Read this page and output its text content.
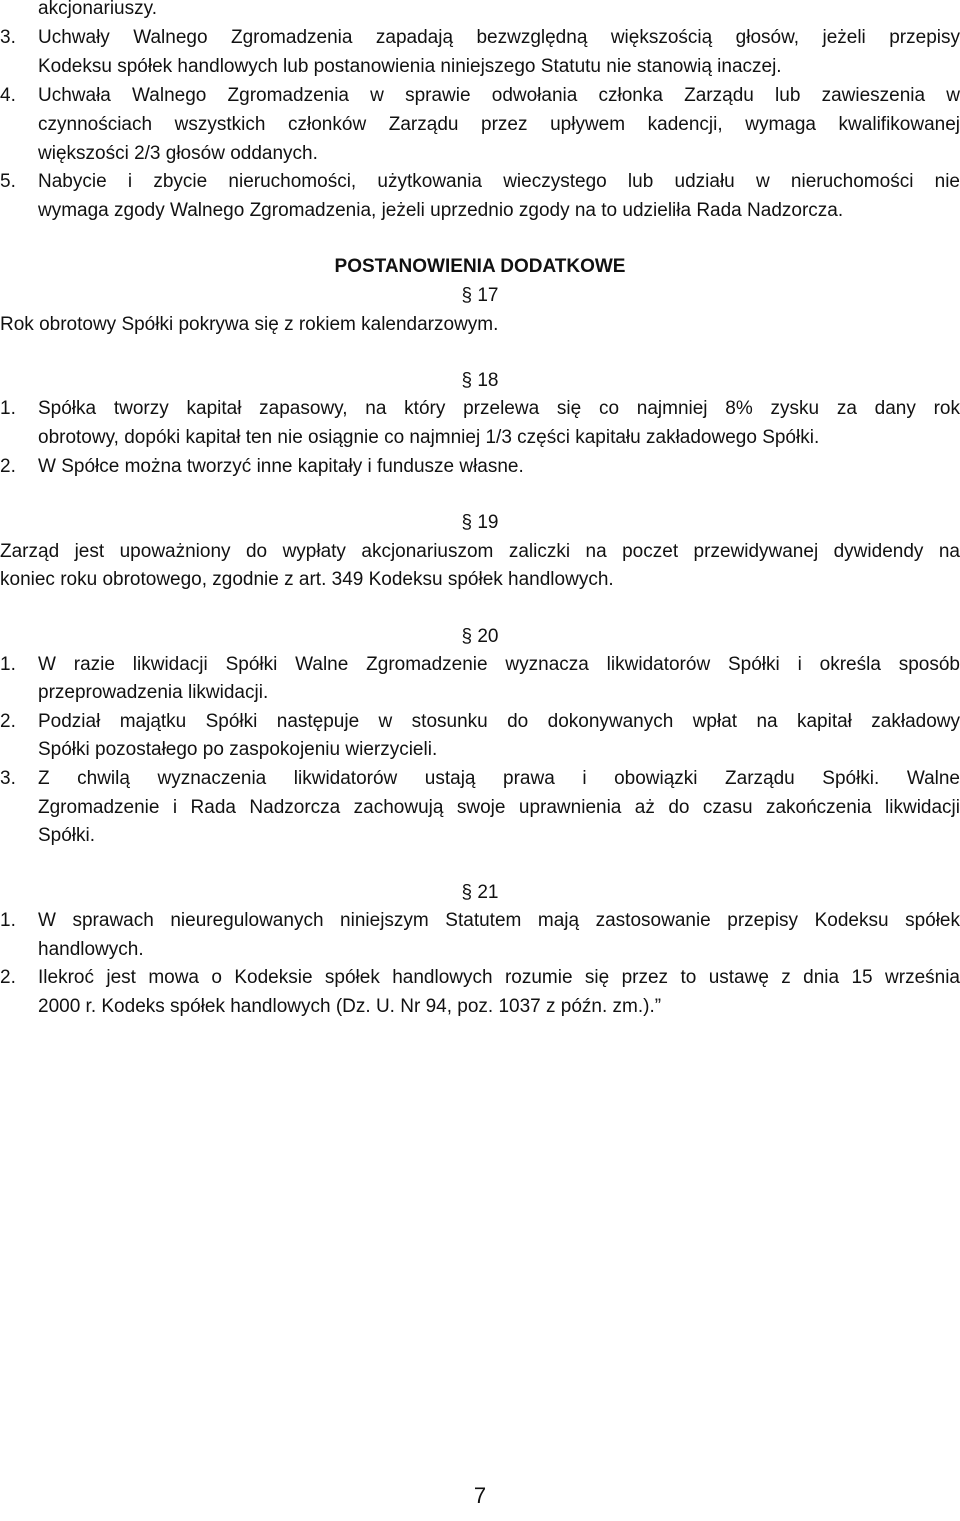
akcjonariuszy.
3.	Uchwały Walnego Zgromadzenia zapadają bezwzględną większością głosów, jeżeli przepisy
Kodeksu spółek handlowych lub postanowienia niniejszego Statutu nie stanowią inaczej.
4.	Uchwała Walnego Zgromadzenia w sprawie odwołania członka Zarządu lub zawieszenia w
czynnościach wszystkich członków Zarządu przez upływem kadencji, wymaga kwalifikowanej
większości 2/3 głosów oddanych.
5.	Nabycie i zbycie nieruchomości, użytkowania wieczystego lub udziału w nieruchomości nie
wymaga zgody Walnego Zgromadzenia, jeżeli uprzednio zgody na to udzieliła Rada Nadzorcza.
POSTANOWIENIA DODATKOWE
§ 17
Rok obrotowy Spółki pokrywa się z rokiem kalendarzowym.
§ 18
1.	Spółka tworzy kapitał zapasowy, na który przelewa się co najmniej 8% zysku za dany rok
obrotowy, dopóki kapitał ten nie osiągnie co najmniej 1/3 części kapitału zakładowego Spółki.
2.	W Spółce można tworzyć inne kapitały i fundusze własne.
§ 19
Zarząd jest upoważniony do wypłaty akcjonariuszom zaliczki na poczet przewidywanej dywidendy na
koniec roku obrotowego, zgodnie z art. 349 Kodeksu spółek handlowych.
§ 20
1.	W razie likwidacji Spółki Walne Zgromadzenie wyznacza likwidatorów Spółki i określa sposób
przeprowadzenia likwidacji.
2.	Podział majątku Spółki następuje w stosunku do dokonywanych wpłat na kapitał zakładowy
Spółki pozostałego po zaspokojeniu wierzycieli.
3.	Z chwilą wyznaczenia likwidatorów ustają prawa i obowiązki Zarządu Spółki. Walne
Zgromadzenie i Rada Nadzorcza zachowują swoje uprawnienia aż do czasu zakończenia likwidacji
Spółki.
§ 21
1.	W sprawach nieuregulowanych niniejszym Statutem mają zastosowanie przepisy Kodeksu spółek
handlowych.
2.	Ilekroć jest mowa o Kodeksie spółek handlowych rozumie się przez to ustawę z dnia 15 września
2000 r. Kodeks spółek handlowych (Dz. U. Nr 94, poz. 1037 z późn. zm.).”
7
